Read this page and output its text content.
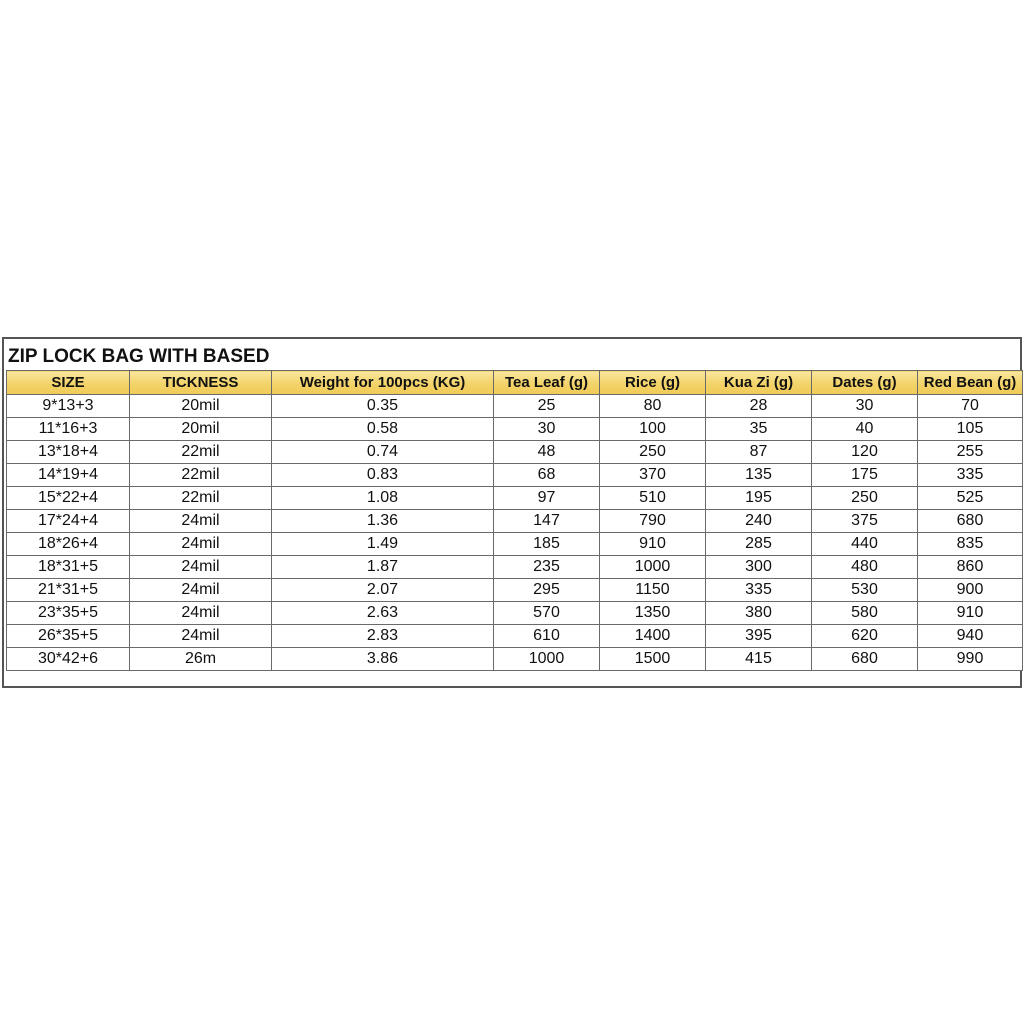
ZIP LOCK BAG WITH BASED
SIZE	TICKNESS	Weight for 100pcs (KG)	Tea Leaf (g)	Rice (g)	Kua Zi (g)	Dates (g)	Red Bean (g)
9*13+3	20mil	0.35	25	80	28	30	70
11*16+3	20mil	0.58	30	100	35	40	105
13*18+4	22mil	0.74	48	250	87	120	255
14*19+4	22mil	0.83	68	370	135	175	335
15*22+4	22mil	1.08	97	510	195	250	525
17*24+4	24mil	1.36	147	790	240	375	680
18*26+4	24mil	1.49	185	910	285	440	835
18*31+5	24mil	1.87	235	1000	300	480	860
21*31+5	24mil	2.07	295	1150	335	530	900
23*35+5	24mil	2.63	570	1350	380	580	910
26*35+5	24mil	2.83	610	1400	395	620	940
30*42+6	26m	3.86	1000	1500	415	680	990
